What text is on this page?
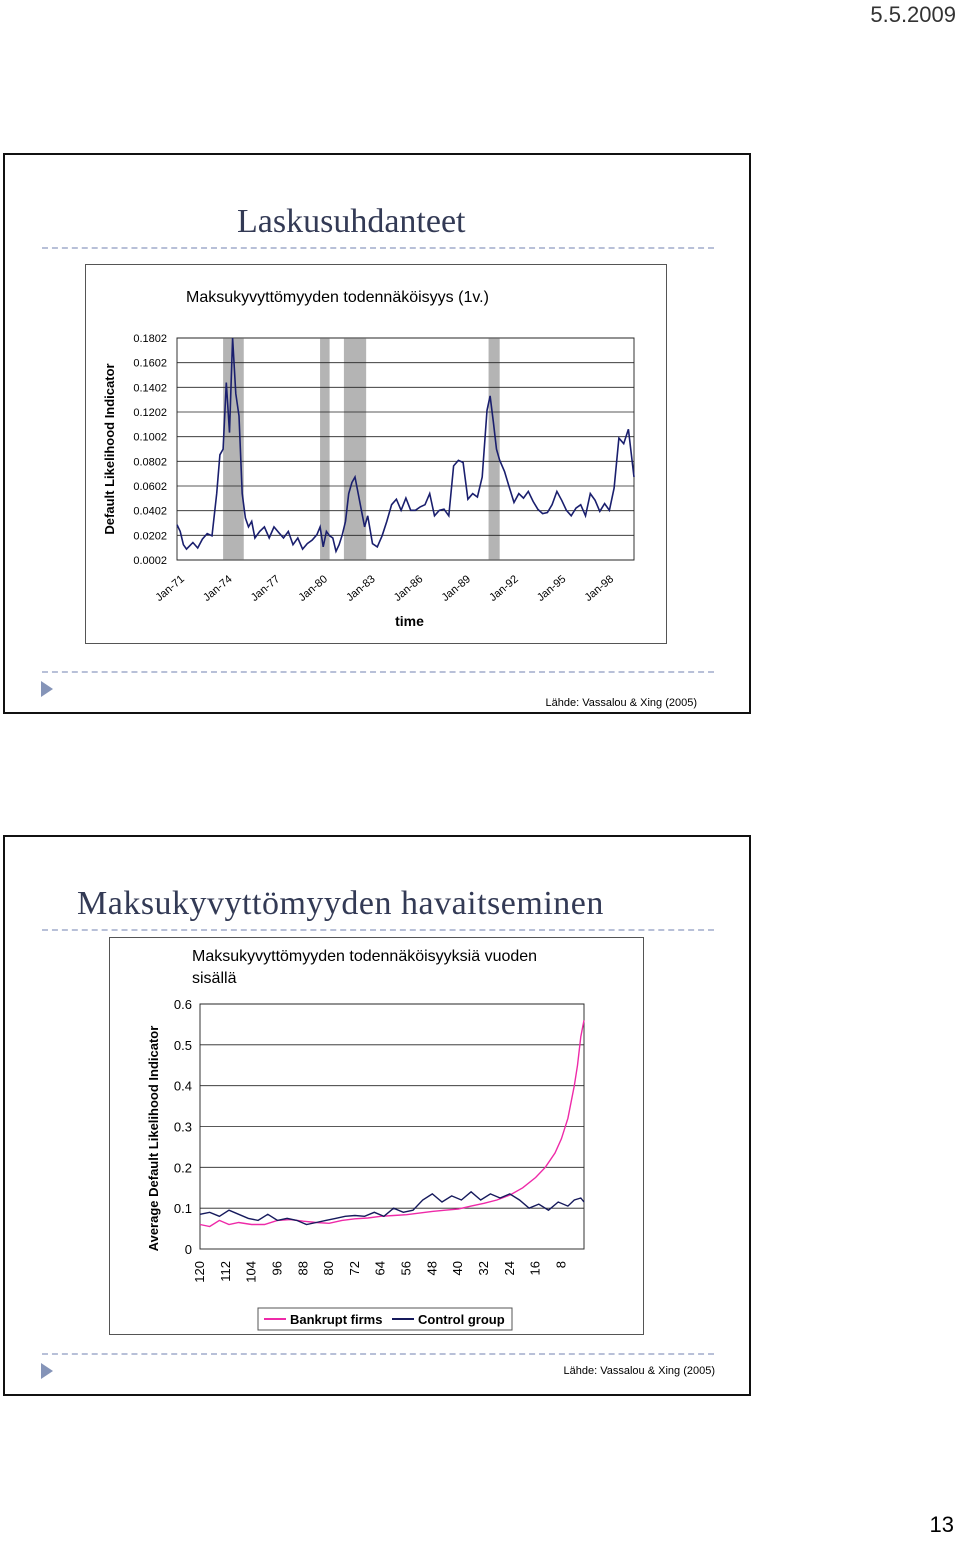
5.5.2009
13
Laskusuhdanteet
Maksukyvyttömyyden todennäköisyys (1v.)
0.0002
0.0202
0.0402
0.0602
0.0802
0.1002
0.1202
0.1402
0.1602
0.1802
Jan-71 Jan-74 Jan-77 Jan-80 Jan-83 Jan-86 Jan-89 Jan-92 Jan-95 Jan-98
Default Likelihood Indicator
time
Lähde: Vassalou & Xing (2005)
Maksukyvyttömyyden havaitseminen
Maksukyvyttömyyden todennäköisyyksiä vuoden sisällä
0
0.1
0.2
0.3
0.4
0.5
0.6
120 112 104 96 88 80 72 64 56 48 40 32 24 16 8
Average Default Likelihood Indicator
Bankrupt firms	Control group
Lähde: Vassalou & Xing (2005)
